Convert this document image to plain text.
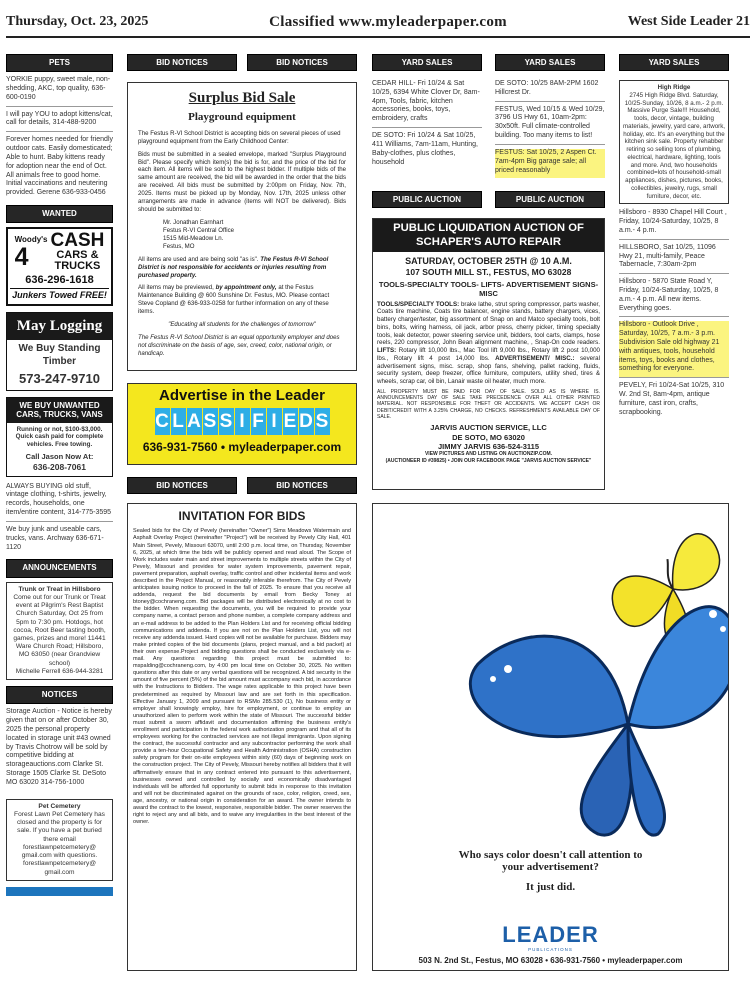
Thursday, Oct. 23, 2025	Classified www.myleaderpaper.com	West Side Leader 21
PETS
YORKIE puppy, sweet male, non-shedding, AKC, top quality, 636-600-0190
I will pay YOU to adopt kittens/cat, call for details, 314-488-9200
Forever homes needed for friendly outdoor cats. Easily domesticated; Able to hunt. Baby kittens ready for adoption near the end of Oct. All animals free to good home. Initial vaccinations and neutering provided. Gerene 636-933-0456
WANTED
Woody's
4
CASH
CARS &
TRUCKS
636-296-1618
Junkers Towed FREE!
May Logging
We Buy Standing
Timber
573-247-9710
WE BUY UNWANTED CARS, TRUCKS, VANS
Running or not, $100-$3,000. Quick cash paid for complete vehicles. Free towing.
Call Jason Now At:
636-208-7061
ALWAYS BUYING old stuff, vintage clothing, t-shirts, jewelry, records, households, one item/entire content, 314-775-3595
We buy junk and useable cars, trucks, vans. Archway 636-671-1120
ANNOUNCEMENTS
Trunk or Treat in Hillsboro
Come out for our Trunk or Treat event at Pilgrim's Rest Baptist Church Saturday, Oct 25 from 5pm to 7:30 pm. Hotdogs, hot cocoa, Root Beer tasting booth, games, prizes and more! 11441 Ware Church Road; Hillsboro, MO 63050 (near Grandview school)
Michelle Ferrell 636-944-3281
NOTICES
Storage Auction - Notice is hereby given that on or after October 30, 2025 the personal property located in storage unit #43 owned by Travis Chotrow will be sold by competitive bidding at storageauctions.com Clarke St. Storage 1505 Clarke St. DeSoto MO 63020 314-756-1000
Pet Cemetery
Forest Lawn Pet Cemetery has closed and the property is for sale. If you have a pet buried there email forestlawnpetcemetery@ gmail.com with questions. forestlawnpetcemetery@ gmail.com
BID NOTICES	BID NOTICES
Surplus Bid Sale
Playground equipment

The Festus R-VI School District is accepting bids on several pieces of used playground equipment from the Early Childhood Center:

Bids must be submitted in a sealed envelope, marked "Surplus Playground Bid". Please specify which item(s) the bid is for, and the price of the bid for each item. All items will be sold to the highest bidder. If multiple bids of the same amount are received, the bid will be awarded in the order that the bids are received. All bids must be submitted by 2:00pm on Friday, Nov. 7th, 2025. Items must be picked up by Monday, Nov. 17th, 2025 unless other arrangements are made in advance (items will NOT be delivered). Bids should be submitted to:

Mr. Jonathan Earnhart
Festus R-VI Central Office
1515 Mid-Meadow Ln.
Festus, MO

All items are used and are being sold "as is". The Festus R-VI School District is not responsible for accidents or injuries resulting from purchased property.

All items may be previewed, by appointment only, at the Festus Maintenance Building @ 600 Sunshine Dr. Festus, MO. Please contact Steve Copland @ 636-933-0258 for further information on any of these items.

"Educating all students for the challenges of tomorrow"

The Festus R-VI School District is an equal opportunity employer and does not discriminate on the basis of age, sex, creed, color, national origin, or handicap.

Advertise in the Leader
C L A S S I F I E D S
636-931-7560 • myleaderpaper.com
BID NOTICES	BID NOTICES
INVITATION FOR BIDS
Sealed bids for the City of Pevely (hereinafter "Owner") Sims Meadows Watermain and Asphalt Overlay Project (hereinafter "Project") will be received by Pevely City Hall, 401 Main Street, Pevely, Missouri 63070, until 2:00 p.m. local time, on Thursday, November 6, 2025, at which time the bids will be publicly opened and read aloud. The Scope of Work includes water main and street improvements to multiple streets within the City of Pevely, Missouri and provides for water system improvements, pavement repair, pavement preparation, asphalt overlay, traffic control and other incidental items and work described in the Project Manual, or reasonably inferable therefrom. The City of Pevely anticipates issuing notice to proceed in the fall of 2025. To ensure that you receive all addenda, request the bid documents by email from Becky Toney at btoney@cochraneng.com. Bid packages will be distributed electronically at no cost to the bidder. When requesting the documents, you will be required to provide your company name, a contact person and phone number, a complete company address and an e-mail address to be added to the Plan Holders List and for receiving official bidding communications and addenda. If you are not on the Plan Holders List, you will not receive any addenda issued. Hard copies will not be available for purchase. Bidders may make printed copies of the bid documents (plans, project manual, and a bid packet) at their own expense.Project and bidding questions shall be conducted exclusively via e-mail. Any questions regarding this project must be submitted to: mspalding@cochraneng.com, by 4:00 pm local time on October 30, 2025. No written questions after this date or any verbal questions will be recognized. A bid security in the amount of five percent (5%) of the bid amount must accompany each bid, in accordance with the Instructions to Bidders. The wage rates applicable to this project have been predetermined as required by Missouri law and are set forth in this specification. Effective January 1, 2009 and pursuant to RSMo 285.530 (1), No business entity or employer shall knowingly employ, hire for employment, or continue to employ an unauthorized alien to perform work within the state of Missouri. The successful bidder must submit a sworn affidavit and documentation affirming the business entity's enrollment and participation in the federal work authorization program and that all of its employees working for the contracted services are not illegal immigrants. Upon signing the contract, the successful contractor and any subcontractor performing the work shall provide a ten-hour Occupational Safety and Health Administration (OSHA) construction safety program for their on-site employees within sixty (60) days of beginning work on the construction project. The City of Pevely, Missouri hereby notifies all bidders that it will affirmatively ensure that in any contract entered into pursuant to this advertisement, businesses owned and controlled by socially and economically disadvantaged individuals will be afforded full opportunity to submit bids in response to this invitation and will not be discriminated against on the grounds of race, color, religion, creed, sex, age, ancestry, or national origin in consideration for an award. The owner intends to award the contract to the lowest, responsive, responsible bidder. The owner reserves the right to reject any and all bids, and to waive any irregularities in the best interest of the owner.
YARD SALES	YARD SALES	YARD SALES
CEDAR HILL- Fri 10/24 & Sat 10/25, 6394 White Clover Dr, 8am-4pm, Tools, fabric, kitchen accessories, books, toys, embroidery, crafts
DE SOTO: Fri 10/24 & Sat 10/25, 411 Williams, 7am-11am, Hunting, Baby-clothes, plus clothes, household
DE SOTO: 10/25 8AM-2PM 1602 Hillcrest Dr.
FESTUS, Wed 10/15 & Wed 10/29, 3796 US Hwy 61, 10am-2pm: 30x50ft. Full climate-controlled building. Too many items to list!
FESTUS: Sat 10/25, 2 Aspen Ct. 7am-4pm Big garage sale; all priced reasonably
High Ridge
2745 High Ridge Blvd. Saturday, 10/25-Sunday, 10/26, 8 a.m.- 2 p.m. Massive Purge Sale!!! Household, tools, decor, vintage, building materials, jewelry, yard care, artwork, holiday, etc. It's an everything but the kitchen sink sale. Property rehabber retiring so selling tons of plumbing, electrical, hardware, lighting, tools and more. And, two households combined=lots of household-small appliances, dishes, pictures, books, collectibles, jewelry, rugs, small furniture, decor, etc.
Hillsboro - 8930 Chapel Hill Court , Friday, 10/24-Saturday, 10/25, 8 a.m.- 4 p.m.
HILLSBORO, Sat 10/25, 11096 Hwy 21, multi-family, Peace Tabernacle, 7:30am-2pm
Hillsboro - 5870 State Road Y, Friday, 10/24-Saturday, 10/25, 8 a.m.- 4 p.m. All new items. Everything goes.
Hillsboro - Outlook Drive , Saturday, 10/25, 7 a.m.- 3 p.m. Subdivision Sale old highway 21 with antiques, tools, household items, toys, books and clothes, something for everyone.
PEVELY, Fri 10/24-Sat 10/25, 310 W. 2nd St, 8am-4pm, antique furniture, cast iron, crafts, scrapbooking.
PUBLIC AUCTION	PUBLIC AUCTION
PUBLIC LIQUIDATION AUCTION OF SCHAPER'S AUTO REPAIR
SATURDAY, OCTOBER 25TH @ 10 A.M.
107 SOUTH MILL ST., FESTUS, MO 63028
TOOLS-SPECIALTY TOOLS- LIFTS- ADVERTISEMENT SIGNS-MISC
TOOLS/SPECIALTY TOOLS: brake lathe, strut spring compressor, parts washer, Coats tire machine, Coats tire balancer, engine stands, battery chargers, vices, battery charger/tester, big assortment of Snap on and Matco specialty tools, bolt bins, bolts, wiring harness, oil jack, arbor press, cherry picker, timing specialty tools, leak detector, power steering service unit, bidders, tool carts, clamps, hose reels, 220 compressor, John Bean alignment machine, , Snap-On code readers. LIFTS: Rotary lift 10,000 lbs., Mac Tool lift 9,000 lbs., Rotary lift 2 post 10,000 lbs., Rotary lift 4 post 14,000 lbs. ADVERTISEMENT/ MISC.: several advertisement signs, misc. scrap, shop fans, shelving, pallet racking, fluids, security system, deep freezer, office furniture, computers, utility shed, tires & wheels, scrap car, oil bin, Lanair waste oil heater, much more.
ALL PROPERTY MUST BE PAID FOR DAY OF SALE. SOLD AS IS WHERE IS. ANNOUNCEMENTS DAY OF SALE TAKE PRECEDENCE OVER ALL OTHER PRINTED MATERIAL. NOT RESPONSIBLE FOR THEFT OR ACCIDENTS. WE ACCEPT CASH OR DEBIT/CREDIT WITH A 3.25% CHARGE, NO CHECKS. REFRESHMENTS AVAILABLE DAY OF SALE.
JARVIS AUCTION SERVICE, LLC
DE SOTO, MO 63020
JIMMY JARVIS 636-524-3115
VIEW PICTURES AND LISTING ON AUCTIONZIP.COM.
(AUCTIONEER ID #39825) • JOIN OUR FACEBOOK PAGE "JARVIS AUCTION SERVICE"
Who says color doesn't call attention to
your advertisement?
It just did.
LEADER
PUBLICATIONS
503 N. 2nd St., Festus, MO 63028 • 636-931-7560 • myleaderpaper.com
